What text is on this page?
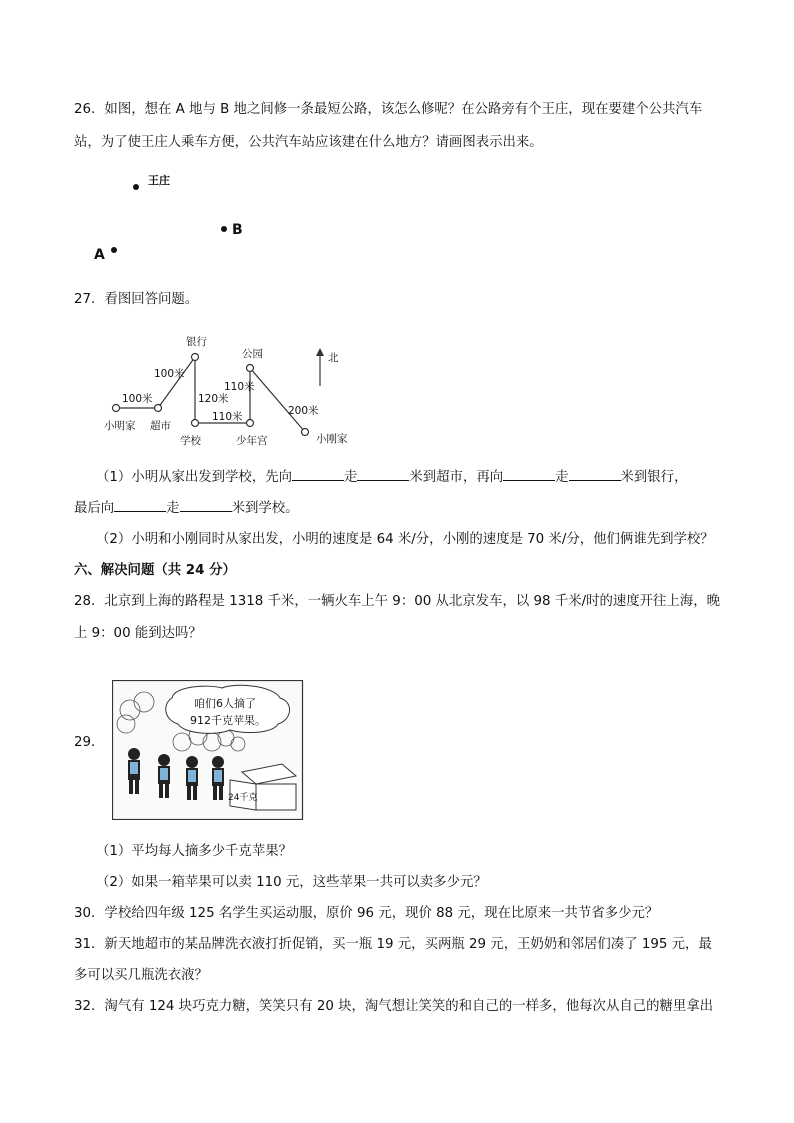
26．如图，想在 A 地与 B 地之间修一条最短公路，该怎么修呢？在公路旁有个王庄，现在要建个公共汽车
站，为了使王庄人乘车方便，公共汽车站应该建在什么地方？请画图表示出来。
王庄
B
A
27．看图回答问题。
北
银行
公园
小明家 超市
学校	少年宫	小刚家
100米
100米
120米
110米
110米
200米
（1）小明从家出发到学校，先向	走	米到超市，再向	走	米到银行，
最后向	走	米到学校。
（2）小明和小刚同时从家出发，小明的速度是 64 米/分，小刚的速度是 70 米/分，他们俩谁先到学校？
六、解决问题（共 24 分）
28．北京到上海的路程是 1318 千米，一辆火车上午 9：00 从北京发车，以 98 千米/时的速度开往上海，晚
上 9：00 能到达吗？
29．
咱们6人摘了
912千克苹果。
24千克
（1）平均每人摘多少千克苹果？
（2）如果一箱苹果可以卖 110 元，这些苹果一共可以卖多少元？
30．学校给四年级 125 名学生买运动服，原价 96 元，现价 88 元，现在比原来一共节省多少元？
31．新天地超市的某品牌洗衣液打折促销，买一瓶 19 元，买两瓶 29 元，王奶奶和邻居们凑了 195 元，最
多可以买几瓶洗衣液？
32．淘气有 124 块巧克力糖，笑笑只有 20 块，淘气想让笑笑的和自己的一样多，他每次从自己的糖里拿出
